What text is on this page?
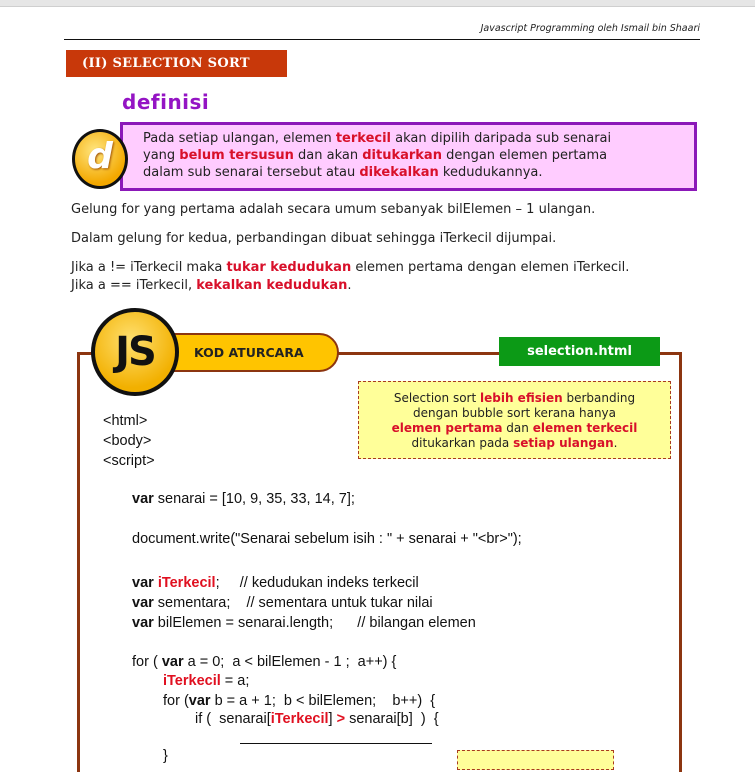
Javascript Programming oleh Ismail bin Shaari
(II) SELECTION SORT
definisi
Pada setiap ulangan, elemen terkecil akan dipilih daripada sub senarai
yang belum tersusun dan akan ditukarkan dengan elemen pertama
dalam sub senarai tersebut atau dikekalkan kedudukannya.
d
Gelung for yang pertama adalah secara umum sebanyak bilElemen – 1 ulangan.
Dalam gelung for kedua, perbandingan dibuat sehingga iTerkecil dijumpai.
Jika a != iTerkecil maka tukar kedudukan elemen pertama dengan elemen iTerkecil.
Jika a == iTerkecil, kekalkan kedudukan.
KOD ATURCARA
JS	selection.html
Selection sort lebih efisien berbanding
dengan bubble sort kerana hanya
elemen pertama dan elemen terkecil
ditukarkan pada setiap ulangan.
<html>
<body>
<script>
var senarai = [10, 9, 35, 33, 14, 7];
document.write("Senarai sebelum isih : " + senarai + "<br>");
var iTerkecil;     // kedudukan indeks terkecil
var sementara;    // sementara untuk tukar nilai
var bilElemen = senarai.length;      // bilangan elemen
for ( var a = 0;  a < bilElemen - 1 ;  a++) {
iTerkecil = a;
for (var b = a + 1;  b < bilElemen;    b++)  {
if (  senarai[iTerkecil] > senarai[b]  )  {
}
